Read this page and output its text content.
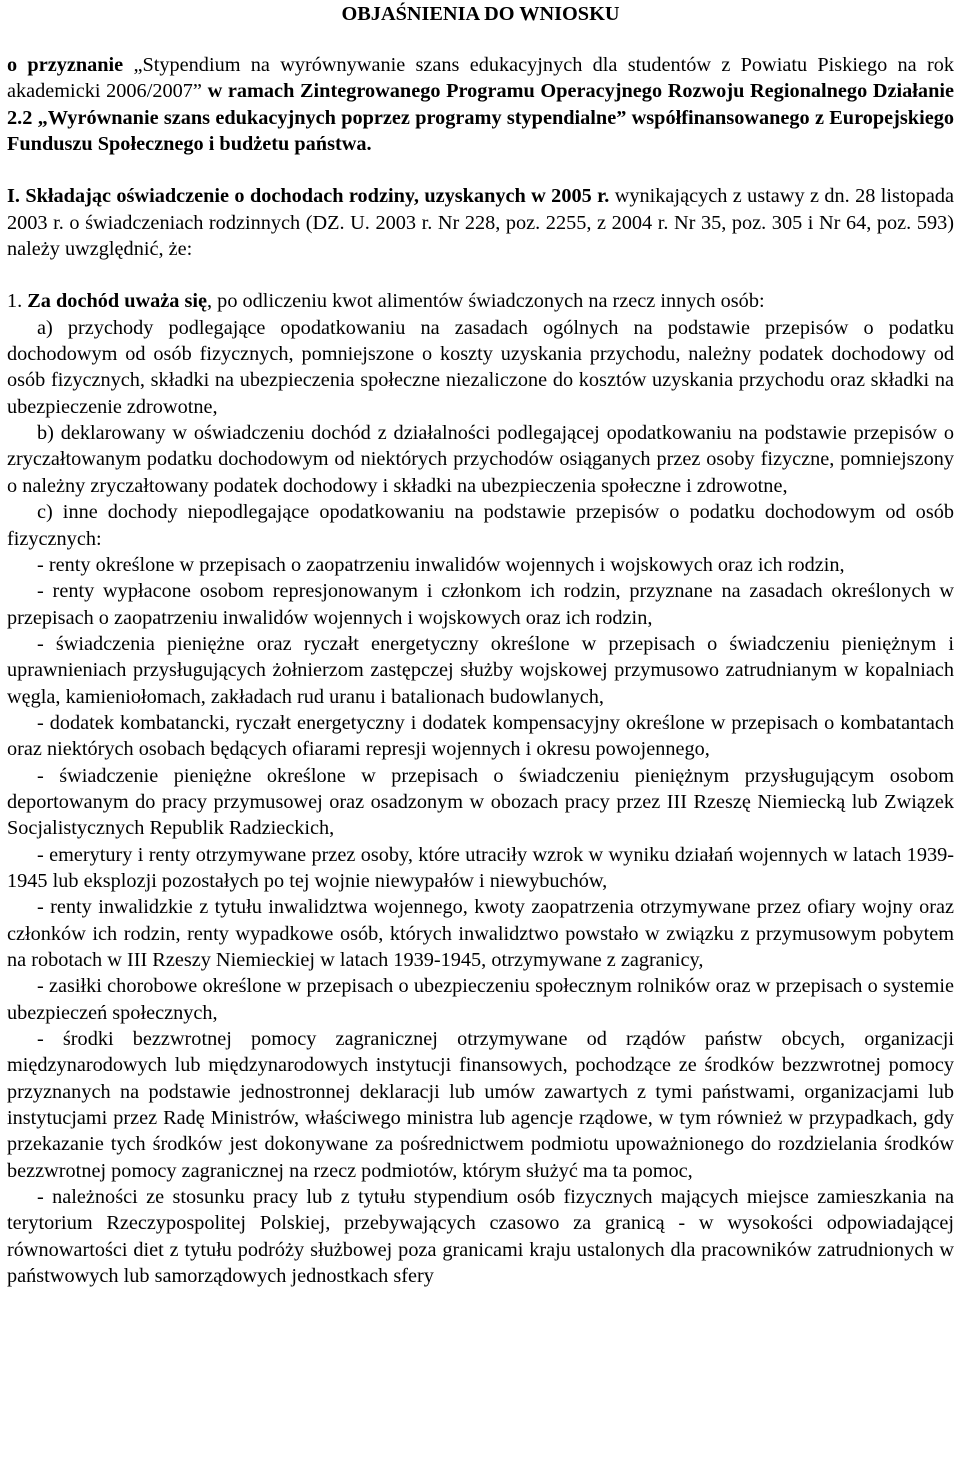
OBJAŚNIENIA DO WNIOSKU

o przyznanie „Stypendium na wyrównywanie szans edukacyjnych dla studentów z Powiatu Piskiego na rok akademicki 2006/2007” w ramach Zintegrowanego Programu Operacyjnego Rozwoju Regionalnego Działanie 2.2 „Wyrównanie szans edukacyjnych poprzez programy stypendialne” współfinansowanego z Europejskiego Funduszu Społecznego i budżetu państwa.

I. Składając oświadczenie o dochodach rodziny, uzyskanych w 2005 r. wynikających z ustawy z dn. 28 listopada 2003 r. o świadczeniach rodzinnych (DZ. U. 2003 r. Nr 228, poz. 2255, z 2004 r. Nr 35, poz. 305 i Nr 64, poz. 593) należy uwzględnić, że:

1. Za dochód uważa się, po odliczeniu kwot alimentów świadczonych na rzecz innych osób:

a) przychody podlegające opodatkowaniu na zasadach ogólnych na podstawie przepisów o podatku dochodowym od osób fizycznych, pomniejszone o koszty uzyskania przychodu, należny podatek dochodowy od osób fizycznych, składki na ubezpieczenia społeczne niezaliczone do kosztów uzyskania przychodu oraz składki na ubezpieczenie zdrowotne,

b) deklarowany w oświadczeniu dochód z działalności podlegającej opodatkowaniu na podstawie przepisów o zryczałtowanym podatku dochodowym od niektórych przychodów osiąganych przez osoby fizyczne, pomniejszony o należny zryczałtowany podatek dochodowy i składki na ubezpieczenia społeczne i zdrowotne,

c) inne dochody niepodlegające opodatkowaniu na podstawie przepisów o podatku dochodowym od osób fizycznych:

- renty określone w przepisach o zaopatrzeniu inwalidów wojennych i wojskowych oraz ich rodzin,

- renty wypłacone osobom represjonowanym i członkom ich rodzin, przyznane na zasadach określonych w przepisach o zaopatrzeniu inwalidów wojennych i wojskowych oraz ich rodzin,

- świadczenia pieniężne oraz ryczałt energetyczny określone w przepisach o świadczeniu pieniężnym i uprawnieniach przysługujących żołnierzom zastępczej służby wojskowej przymusowo zatrudnianym w kopalniach węgla, kamieniołomach, zakładach rud uranu i batalionach budowlanych,

- dodatek kombatancki, ryczałt energetyczny i dodatek kompensacyjny określone w przepisach o kombatantach oraz niektórych osobach będących ofiarami represji wojennych i okresu powojennego,

- świadczenie pieniężne określone w przepisach o świadczeniu pieniężnym przysługującym osobom deportowanym do pracy przymusowej oraz osadzonym w obozach pracy przez III Rzeszę Niemiecką lub Związek Socjalistycznych Republik Radzieckich,

- emerytury i renty otrzymywane przez osoby, które utraciły wzrok w wyniku działań wojennych w latach 1939-1945 lub eksplozji pozostałych po tej wojnie niewypałów i niewybuchów,

- renty inwalidzkie z tytułu inwalidztwa wojennego, kwoty zaopatrzenia otrzymywane przez ofiary wojny oraz członków ich rodzin, renty wypadkowe osób, których inwalidztwo powstało w związku z przymusowym pobytem na robotach w III Rzeszy Niemieckiej w latach 1939-1945, otrzymywane z zagranicy,

- zasiłki chorobowe określone w przepisach o ubezpieczeniu społecznym rolników oraz w przepisach o systemie ubezpieczeń społecznych,

- środki bezzwrotnej pomocy zagranicznej otrzymywane od rządów państw obcych, organizacji międzynarodowych lub międzynarodowych instytucji finansowych, pochodzące ze środków bezzwrotnej pomocy przyznanych na podstawie jednostronnej deklaracji lub umów zawartych z tymi państwami, organizacjami lub instytucjami przez Radę Ministrów, właściwego ministra lub agencje rządowe, w tym również w przypadkach, gdy przekazanie tych środków jest dokonywane za pośrednictwem podmiotu upoważnionego do rozdzielania środków bezzwrotnej pomocy zagranicznej na rzecz podmiotów, którym służyć ma ta pomoc,

- należności ze stosunku pracy lub z tytułu stypendium osób fizycznych mających miejsce zamieszkania na terytorium Rzeczypospolitej Polskiej, przebywających czasowo za granicą - w wysokości odpowiadającej równowartości diet z tytułu podróży służbowej poza granicami kraju ustalonych dla pracowników zatrudnionych w państwowych lub samorządowych jednostkach sfery
